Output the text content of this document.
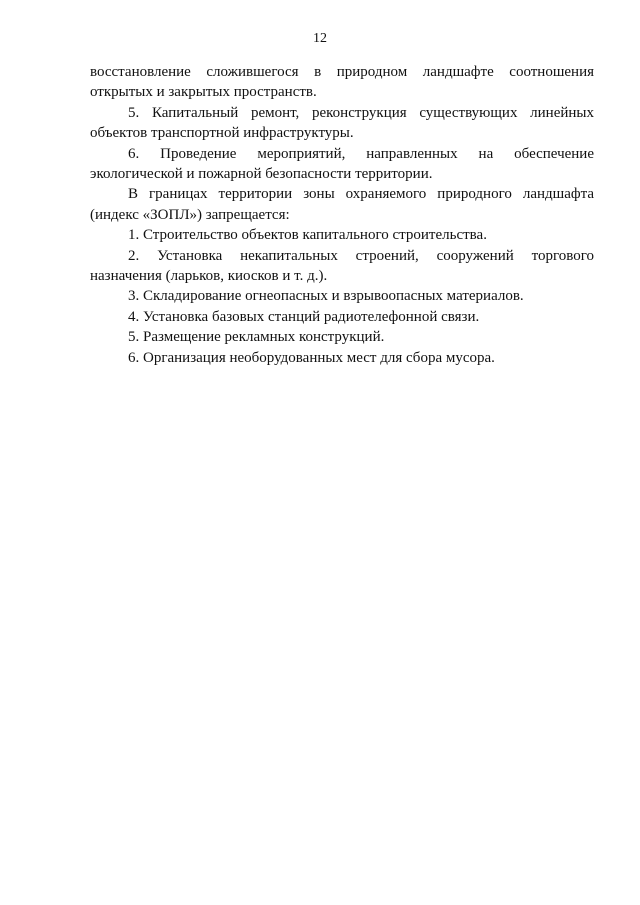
12

восстановление сложившегося в природном ландшафте соотношения открытых и закрытых пространств.

5. Капитальный ремонт, реконструкция существующих линейных объектов транспортной инфраструктуры.

6. Проведение мероприятий, направленных на обеспечение экологической и пожарной безопасности территории.

В границах территории зоны охраняемого природного ландшафта (индекс «ЗОПЛ») запрещается:

1. Строительство объектов капитального строительства.

2. Установка некапитальных строений, сооружений торгового назначения (ларьков, киосков и т. д.).

3. Складирование огнеопасных и взрывоопасных материалов.

4. Установка базовых станций радиотелефонной связи.

5. Размещение рекламных конструкций.

6. Организация необорудованных мест для сбора мусора.
